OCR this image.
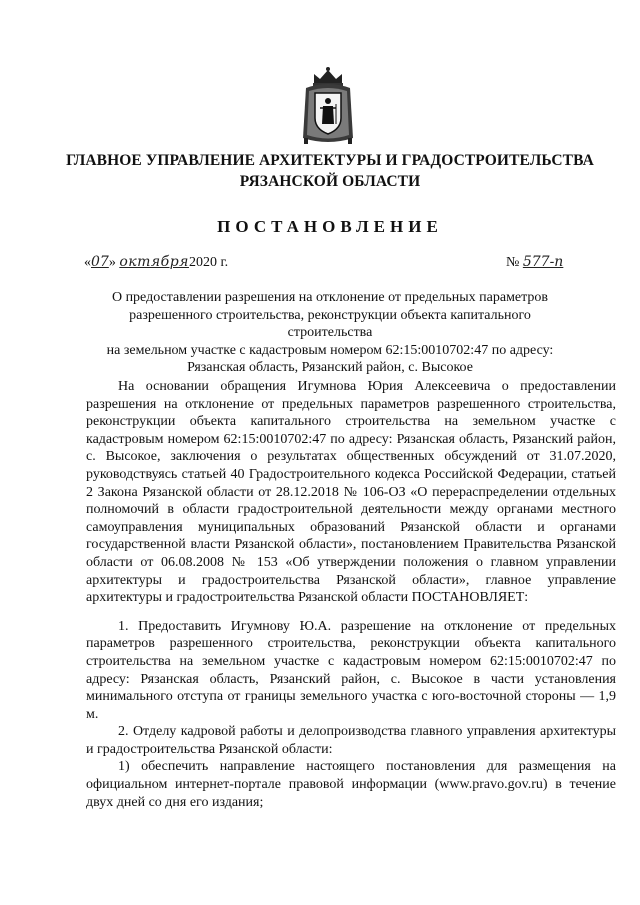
ГЛАВНОЕ УПРАВЛЕНИЕ АРХИТЕКТУРЫ И ГРАДОСТРОИТЕЛЬСТВА
РЯЗАНСКОЙ ОБЛАСТИ
ПОСТАНОВЛЕНИЕ
«07» октября2020 г.	№ 577-п
О предоставлении разрешения на отклонение от предельных параметров
разрешенного строительства, реконструкции объекта капитального строительства
на земельном участке с кадастровым номером 62:15:0010702:47 по адресу:
Рязанская область, Рязанский район, с. Высокое

На основании обращения Игумнова Юрия Алексеевича о предоставлении разрешения на отклонение от предельных параметров разрешенного строительства, реконструкции объекта капитального строительства на земельном участке с кадастровым номером 62:15:0010702:47 по адресу: Рязанская область, Рязанский район, с. Высокое, заключения о результатах общественных обсуждений от 31.07.2020, руководствуясь статьей 40 Градостроительного кодекса Российской Федерации, статьей 2 Закона Рязанской области от 28.12.2018 № 106-ОЗ «О перераспределении отдельных полномочий в области градостроительной деятельности между органами местного самоуправления муниципальных образований Рязанской области и органами государственной власти Рязанской области», постановлением Правительства Рязанской области от 06.08.2008 № 153 «Об утверждении положения о главном управлении архитектуры и градостроительства Рязанской области», главное управление архитектуры и градостроительства Рязанской области ПОСТАНОВЛЯЕТ:

1. Предоставить Игумнову Ю.А. разрешение на отклонение от предельных параметров разрешенного строительства, реконструкции объекта капитального строительства на земельном участке с кадастровым номером 62:15:0010702:47 по адресу: Рязанская область, Рязанский район, с. Высокое в части установления минимального отступа от границы земельного участка с юго-восточной стороны — 1,9 м.

2. Отделу кадровой работы и делопроизводства главного управления архитектуры и градостроительства Рязанской области:

1) обеспечить направление настоящего постановления для размещения на официальном интернет-портале правовой информации (www.pravo.gov.ru) в течение двух дней со дня его издания;
